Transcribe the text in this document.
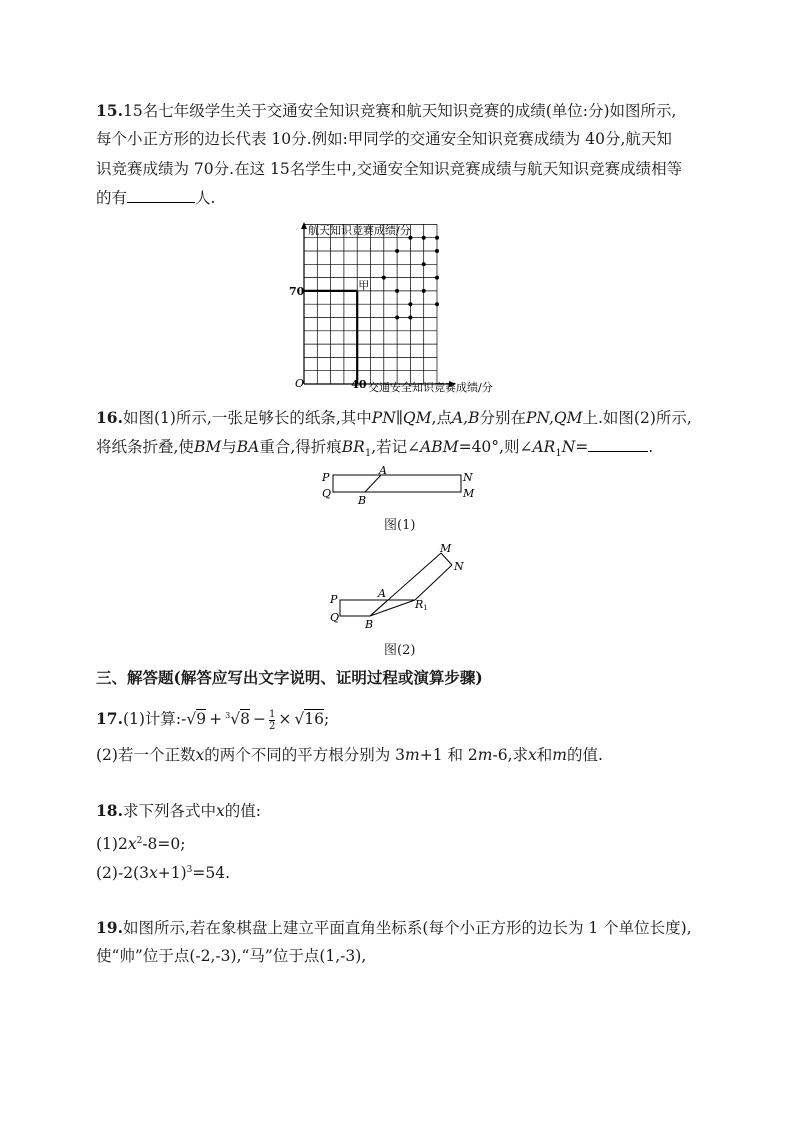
15.15名七年级学生关于交通安全知识竞赛和航天知识竞赛的成绩(单位:分)如图所示,
每个小正方形的边长代表 10分.例如:甲同学的交通安全知识竞赛成绩为 40分,航天知
识竞赛成绩为 70分.在这 15名学生中,交通安全知识竞赛成绩与航天知识竞赛成绩相等
的有	人.
航天知识竞赛成绩/分
交通安全知识竞赛成绩/分
O	40
70	甲
16.如图(1)所示,一张足够长的纸条,其中PN∥QM,点A,B分别在PN,QM上.如图(2)所示,
将纸条折叠,使BM与BA重合,得折痕$BR_1$,若记∠ABM=40°,则$\angle AR_1N=$	.
P
Q
A
B
N
M
图(1)
P
Q
A
B
R1
M
N
图(2)
三、解答题(解答应写出文字说明、证明过程或演算步骤)
17.(1)计算:-√9 + $^3√8 - \frac{1}{2} \times √16$;
(2)若一个正数x的两个不同的平方根分别为 3m+1 和 2m-6,求x和m的值.
18.求下列各式中x的值:
$(1)2x^2-8=0$;
$(2)-2(3x+1)^3=54$.
19.如图所示,若在象棋盘上建立平面直角坐标系(每个小正方形的边长为 1 个单位长度),
使“帅”位于点(-2,-3),“马”位于点(1,-3),
